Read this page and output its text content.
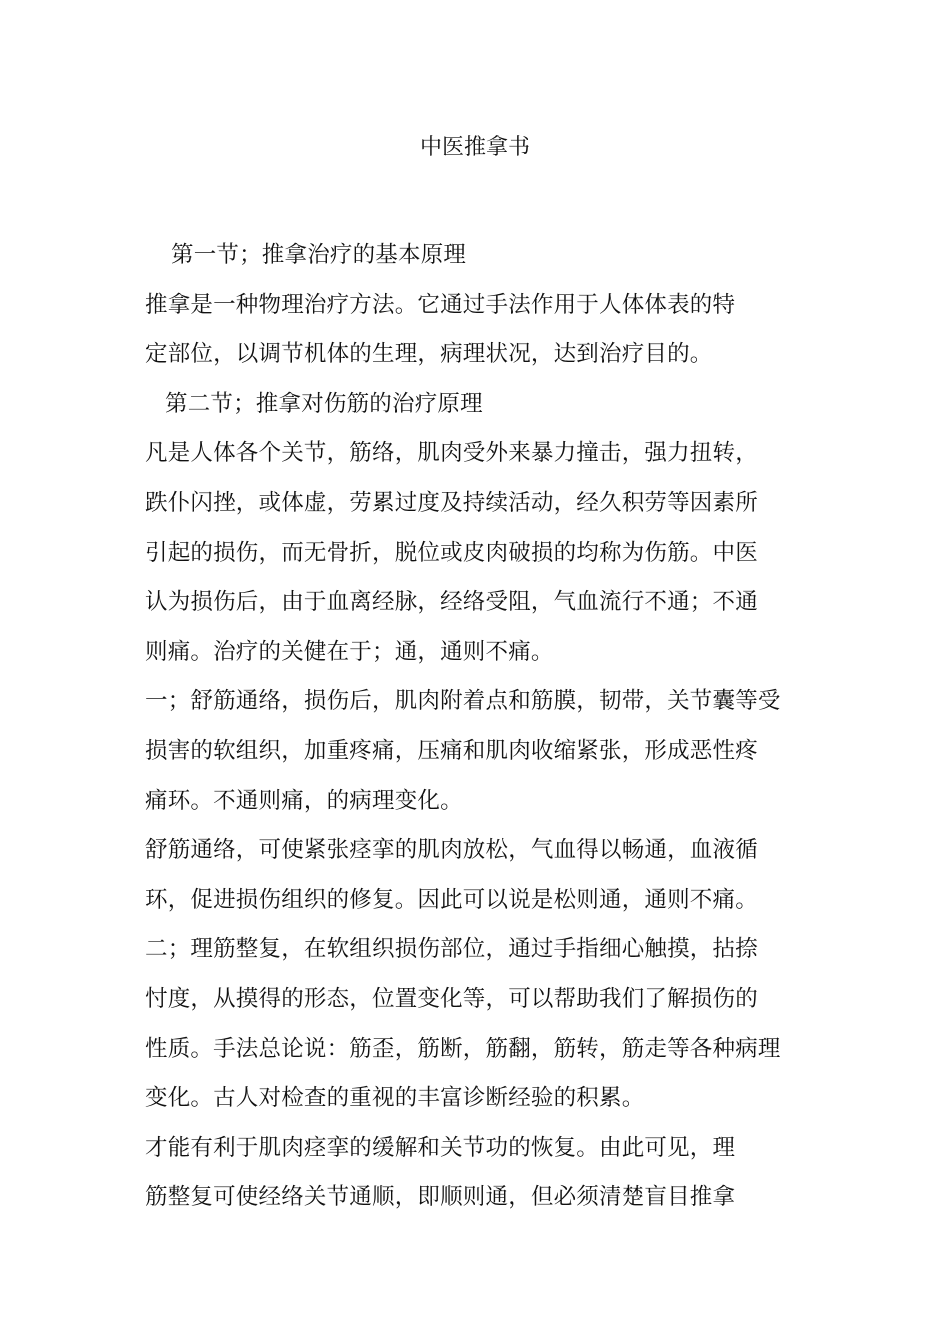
中医推拿书
第一节；推拿治疗的基本原理
推拿是一种物理治疗方法。它通过手法作用于人体体表的特
定部位，以调节机体的生理，病理状况，达到治疗目的。
第二节；推拿对伤筋的治疗原理
凡是人体各个关节，筋络，肌肉受外来暴力撞击，强力扭转，
跌仆闪挫，或体虚，劳累过度及持续活动，经久积劳等因素所
引起的损伤，而无骨折，脱位或皮肉破损的均称为伤筋。中医
认为损伤后，由于血离经脉，经络受阻，气血流行不通；不通
则痛。治疗的关健在于；通，通则不痛。
一；舒筋通络，损伤后，肌肉附着点和筋膜，韧带，关节囊等受
损害的软组织，加重疼痛，压痛和肌肉收缩紧张，形成恶性疼
痛环。不通则痛，的病理变化。
舒筋通络，可使紧张痉挛的肌肉放松，气血得以畅通，血液循
环，促进损伤组织的修复。因此可以说是松则通，通则不痛。
二；理筋整复，在软组织损伤部位，通过手指细心触摸，拈捺
忖度，从摸得的形态，位置变化等，可以帮助我们了解损伤的
性质。手法总论说：筋歪，筋断，筋翻，筋转，筋走等各种病理
变化。古人对检查的重视的丰富诊断经验的积累。
才能有利于肌肉痉挛的缓解和关节功的恢复。由此可见，理
筋整复可使经络关节通顺，即顺则通，但必须清楚盲目推拿
